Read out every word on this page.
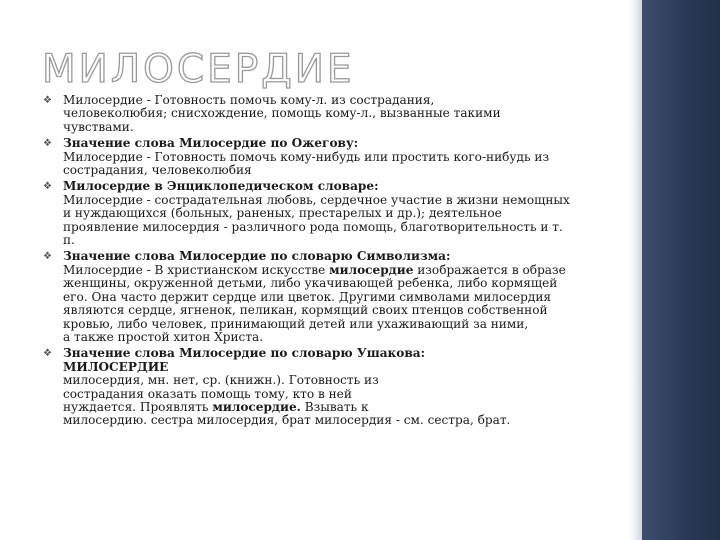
МИЛОСЕРДИЕ
❖ Милосердие - Готовность помочь кому-л. из сострадания,
человеколюбия; снисхождение, помощь кому-л., вызванные такими
чувствами.
❖ Значение слова Милосердие по Ожегову:
Милосердие - Готовность помочь кому-нибудь или простить кого-нибудь из
сострадания, человеколюбия
❖ Милосердие в Энциклопедическом словаре:
Милосердие - сострадательная любовь, сердечное участие в жизни немощных
и нуждающихся (больных, раненых, престарелых и др.); деятельное
проявление милосердия - различного рода помощь, благотворительность и т.
п.
❖ Значение слова Милосердие по словарю Символизма:
Милосердие - В христианском искусстве милосердие изображается в образе
женщины, окруженной детьми, либо укачивающей ребенка, либо кормящей
его. Она часто держит сердце или цветок. Другими символами милосердия
являются сердце, ягненок, пеликан, кормящий своих птенцов собственной
кровью, либо человек, принимающий детей или ухаживающий за ними,
а также простой хитон Христа.
❖ Значение слова Милосердие по словарю Ушакова:
МИЛОСЕРДИЕ
милосердия, мн. нет, ср. (книжн.). Готовность из
сострадания оказать помощь тому, кто в ней
нуждается. Проявлять милосердие. Взывать к
милосердию. сестра милосердия, брат милосердия - см. сестра, брат.
